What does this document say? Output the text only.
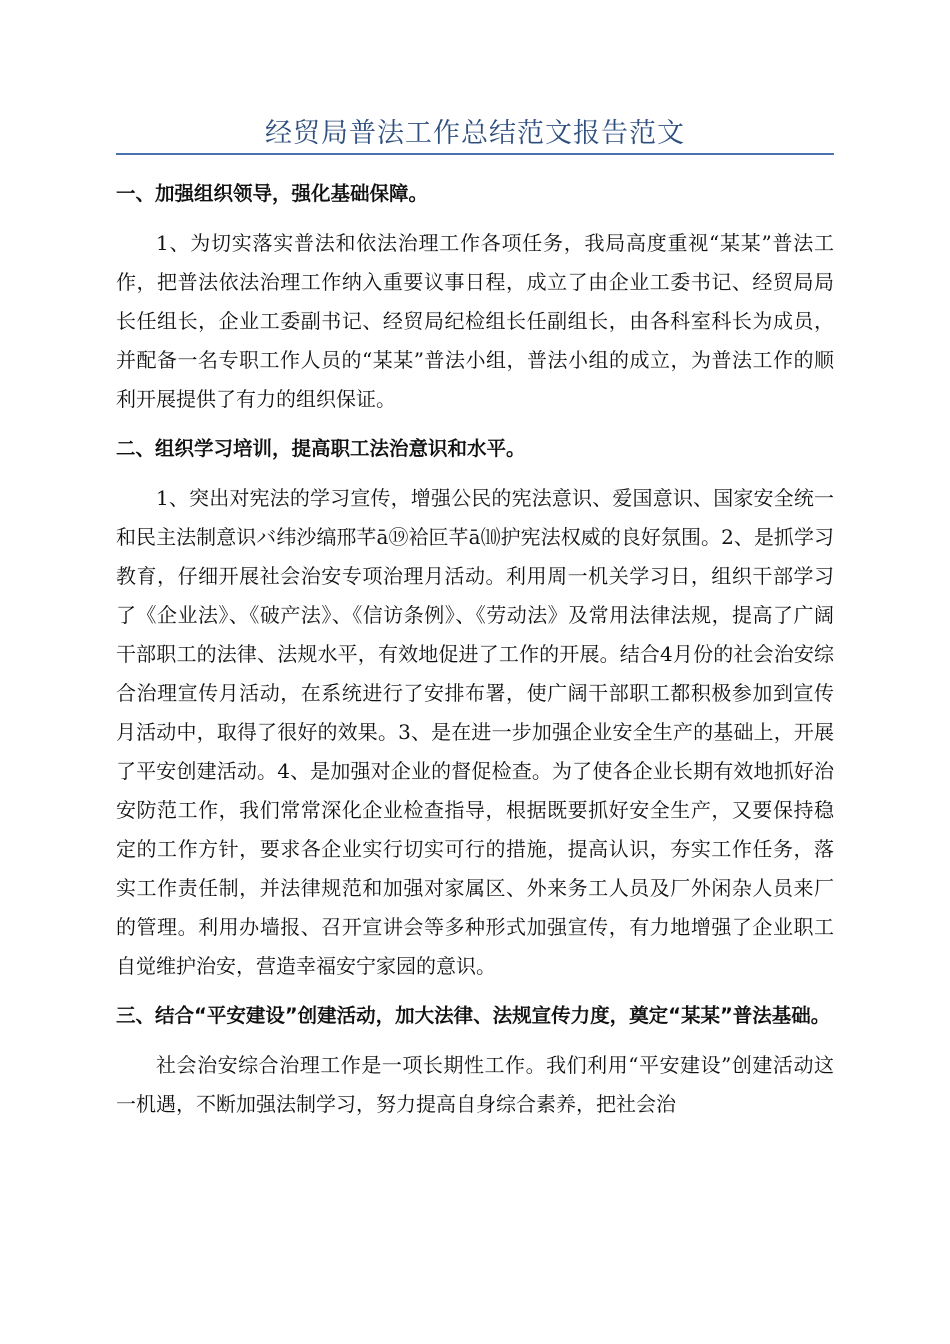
经贸局普法工作总结范文报告范文
一、加强组织领导，强化基础保障。

1、为切实落实普法和依法治理工作各项任务，我局高度重视“某某”普法工作，把普法依法治理工作纳入重要议事日程，成立了由企业工委书记、经贸局局长任组长，企业工委副书记、经贸局纪检组长任副组长，由各科室科长为成员，并配备一名专职工作人员的“某某”普法小组，普法小组的成立，为普法工作的顺利开展提供了有力的组织保证。

二、组织学习培训，提高职工法治意识和水平。

1、突出对宪法的学习宣传，增强公民的宪法意识、爱国意识、国家安全统一和民主法制意识バ纬沙缟邢芊ā⑲袷叵芊ā⑽护宪法权威的良好氛围。2、是抓学习教育，仔细开展社会治安专项治理月活动。利用周一机关学习日，组织干部学习了《企业法》、《破产法》、《信访条例》、《劳动法》及常用法律法规，提高了广阔干部职工的法律、法规水平，有效地促进了工作的开展。结合4月份的社会治安综合治理宣传月活动，在系统进行了安排布署，使广阔干部职工都积极参加到宣传月活动中，取得了很好的效果。3、是在进一步加强企业安全生产的基础上，开展了平安创建活动。4、是加强对企业的督促检查。为了使各企业长期有效地抓好治安防范工作，我们常常深化企业检查指导，根据既要抓好安全生产，又要保持稳定的工作方针，要求各企业实行切实可行的措施，提高认识，夯实工作任务，落实工作责任制，并法律规范和加强对家属区、外来务工人员及厂外闲杂人员来厂的管理。利用办墙报、召开宣讲会等多种形式加强宣传，有力地增强了企业职工自觉维护治安，营造幸福安宁家园的意识。

三、结合“平安建设”创建活动，加大法律、法规宣传力度，奠定“某某”普法基础。

社会治安综合治理工作是一项长期性工作。我们利用“平安建设”创建活动这一机遇，不断加强法制学习，努力提高自身综合素养，把社会治
